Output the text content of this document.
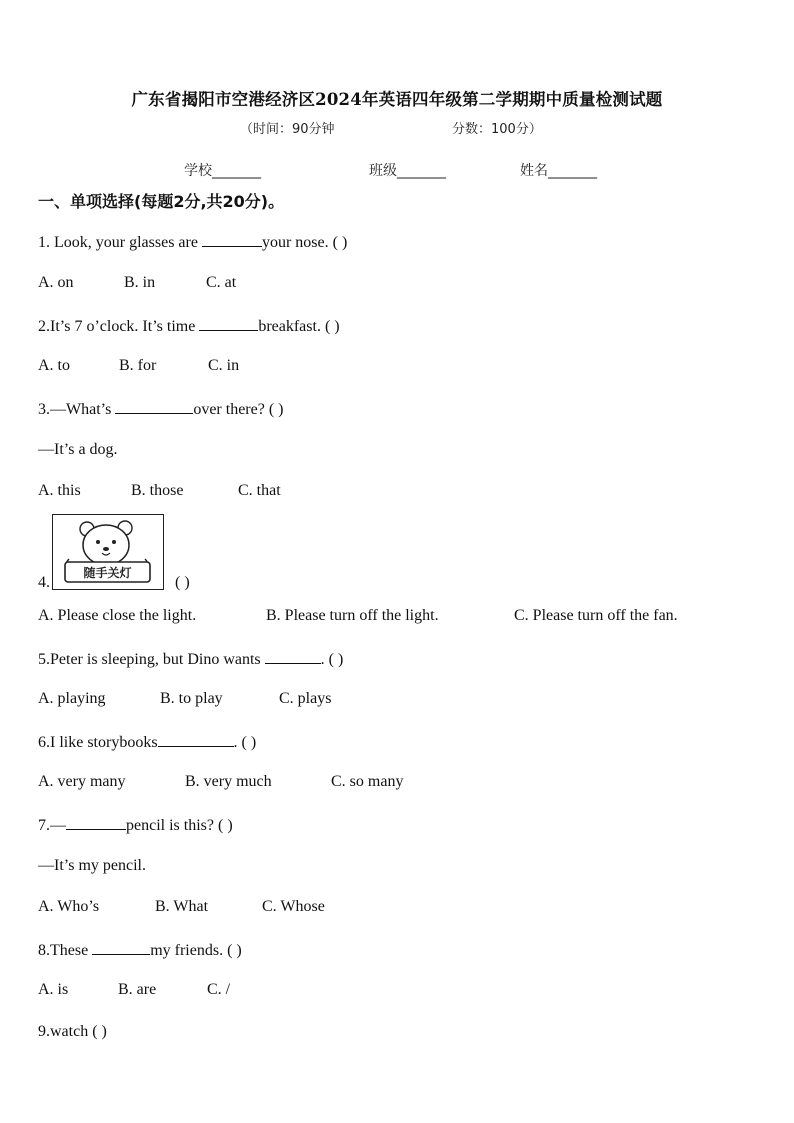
广东省揭阳市空港经济区2024年英语四年级第二学期期中质量检测试题
（时间：90分钟	分数：100分）
学校_______	班级_______	姓名_______
一、单项选择(每题2分,共20分)。
1. Look, your glasses are	your nose. ( )
A. on	B. in	C. at
2.It’s 7 o’clock. It’s time	breakfast. ( )
A. to	B. for	C. in
3.—What’s	over there? ( )
—It’s a dog.
A. this	B. those	C. that
4.
随手关灯
( )
A. Please close the light.	B. Please turn off the light.	C. Please turn off the fan.
5.Peter is sleeping, but Dino wants	. ( )
A. playing	B. to play	C. plays
6.I like storybooks	. ( )
A. very many	B. very much	C. so many
7.—	pencil is this? ( )
—It’s my pencil.
A. Who’s	B. What	C. Whose
8.These	my friends. ( )
A. is	B. are	C. /
9.watch ( )
